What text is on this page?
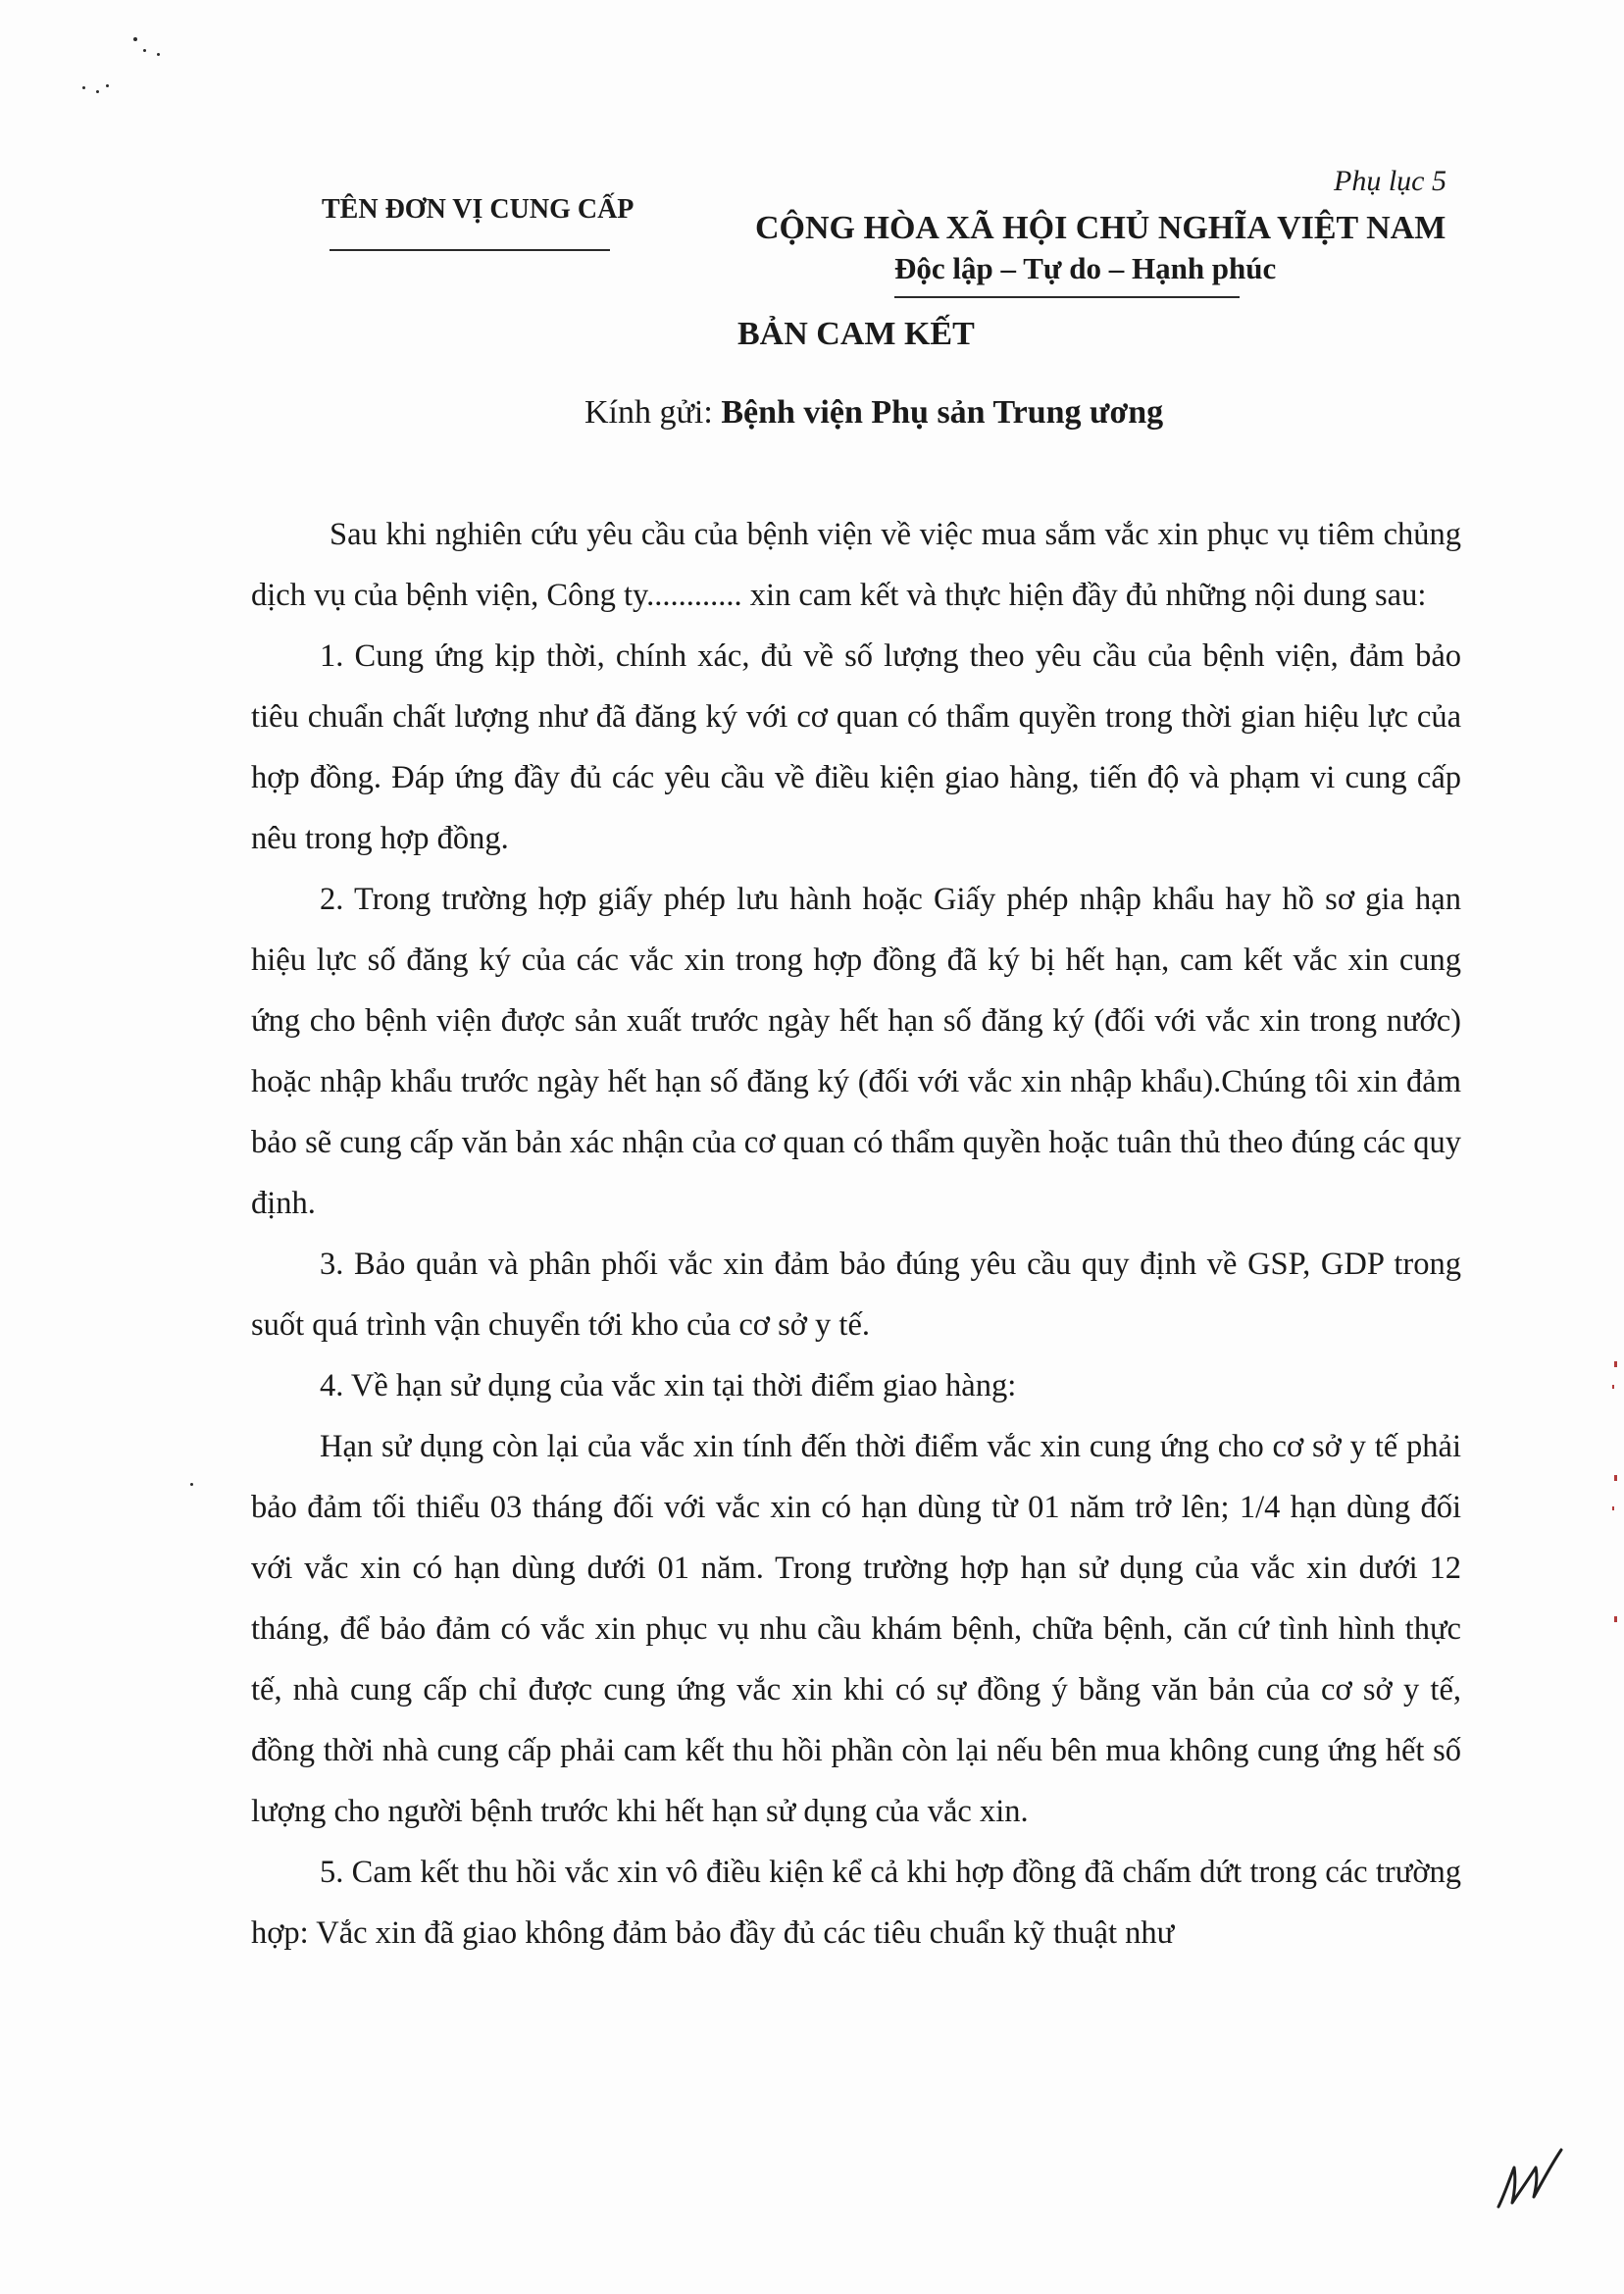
Phụ lục 5
TÊN ĐƠN VỊ CUNG CẤP
CỘNG HÒA XÃ HỘI CHỦ NGHĨA VIỆT NAM
Độc lập – Tự do – Hạnh phúc
BẢN CAM KẾT
Kính gửi: Bệnh viện Phụ sản Trung ương

Sau khi nghiên cứu yêu cầu của bệnh viện về việc mua sắm vắc xin phục vụ tiêm chủng dịch vụ của bệnh viện, Công ty............ xin cam kết và thực hiện đầy đủ những nội dung sau:

1. Cung ứng kịp thời, chính xác, đủ về số lượng theo yêu cầu của bệnh viện, đảm bảo tiêu chuẩn chất lượng như đã đăng ký với cơ quan có thẩm quyền trong thời gian hiệu lực của hợp đồng. Đáp ứng đầy đủ các yêu cầu về điều kiện giao hàng, tiến độ và phạm vi cung cấp nêu trong hợp đồng.

2. Trong trường hợp giấy phép lưu hành hoặc Giấy phép nhập khẩu hay hồ sơ gia hạn hiệu lực số đăng ký của các vắc xin trong hợp đồng đã ký bị hết hạn, cam kết vắc xin cung ứng cho bệnh viện được sản xuất trước ngày hết hạn số đăng ký (đối với vắc xin trong nước) hoặc nhập khẩu trước ngày hết hạn số đăng ký (đối với vắc xin nhập khẩu).Chúng tôi xin đảm bảo sẽ cung cấp văn bản xác nhận của cơ quan có thẩm quyền hoặc tuân thủ theo đúng các quy định.

3. Bảo quản và phân phối vắc xin đảm bảo đúng yêu cầu quy định về GSP, GDP trong suốt quá trình vận chuyển tới kho của cơ sở y tế.

4. Về hạn sử dụng của vắc xin tại thời điểm giao hàng:

Hạn sử dụng còn lại của vắc xin tính đến thời điểm vắc xin cung ứng cho cơ sở y tế phải bảo đảm tối thiểu 03 tháng đối với vắc xin có hạn dùng từ 01 năm trở lên; 1/4 hạn dùng đối với vắc xin có hạn dùng dưới 01 năm. Trong trường hợp hạn sử dụng của vắc xin dưới 12 tháng, để bảo đảm có vắc xin phục vụ nhu cầu khám bệnh, chữa bệnh, căn cứ tình hình thực tế, nhà cung cấp chỉ được cung ứng vắc xin khi có sự đồng ý bằng văn bản của cơ sở y tế, đồng thời nhà cung cấp phải cam kết thu hồi phần còn lại nếu bên mua không cung ứng hết số lượng cho người bệnh trước khi hết hạn sử dụng của vắc xin.

5. Cam kết thu hồi vắc xin vô điều kiện kể cả khi hợp đồng đã chấm dứt trong các trường hợp: Vắc xin đã giao không đảm bảo đầy đủ các tiêu chuẩn kỹ thuật như
